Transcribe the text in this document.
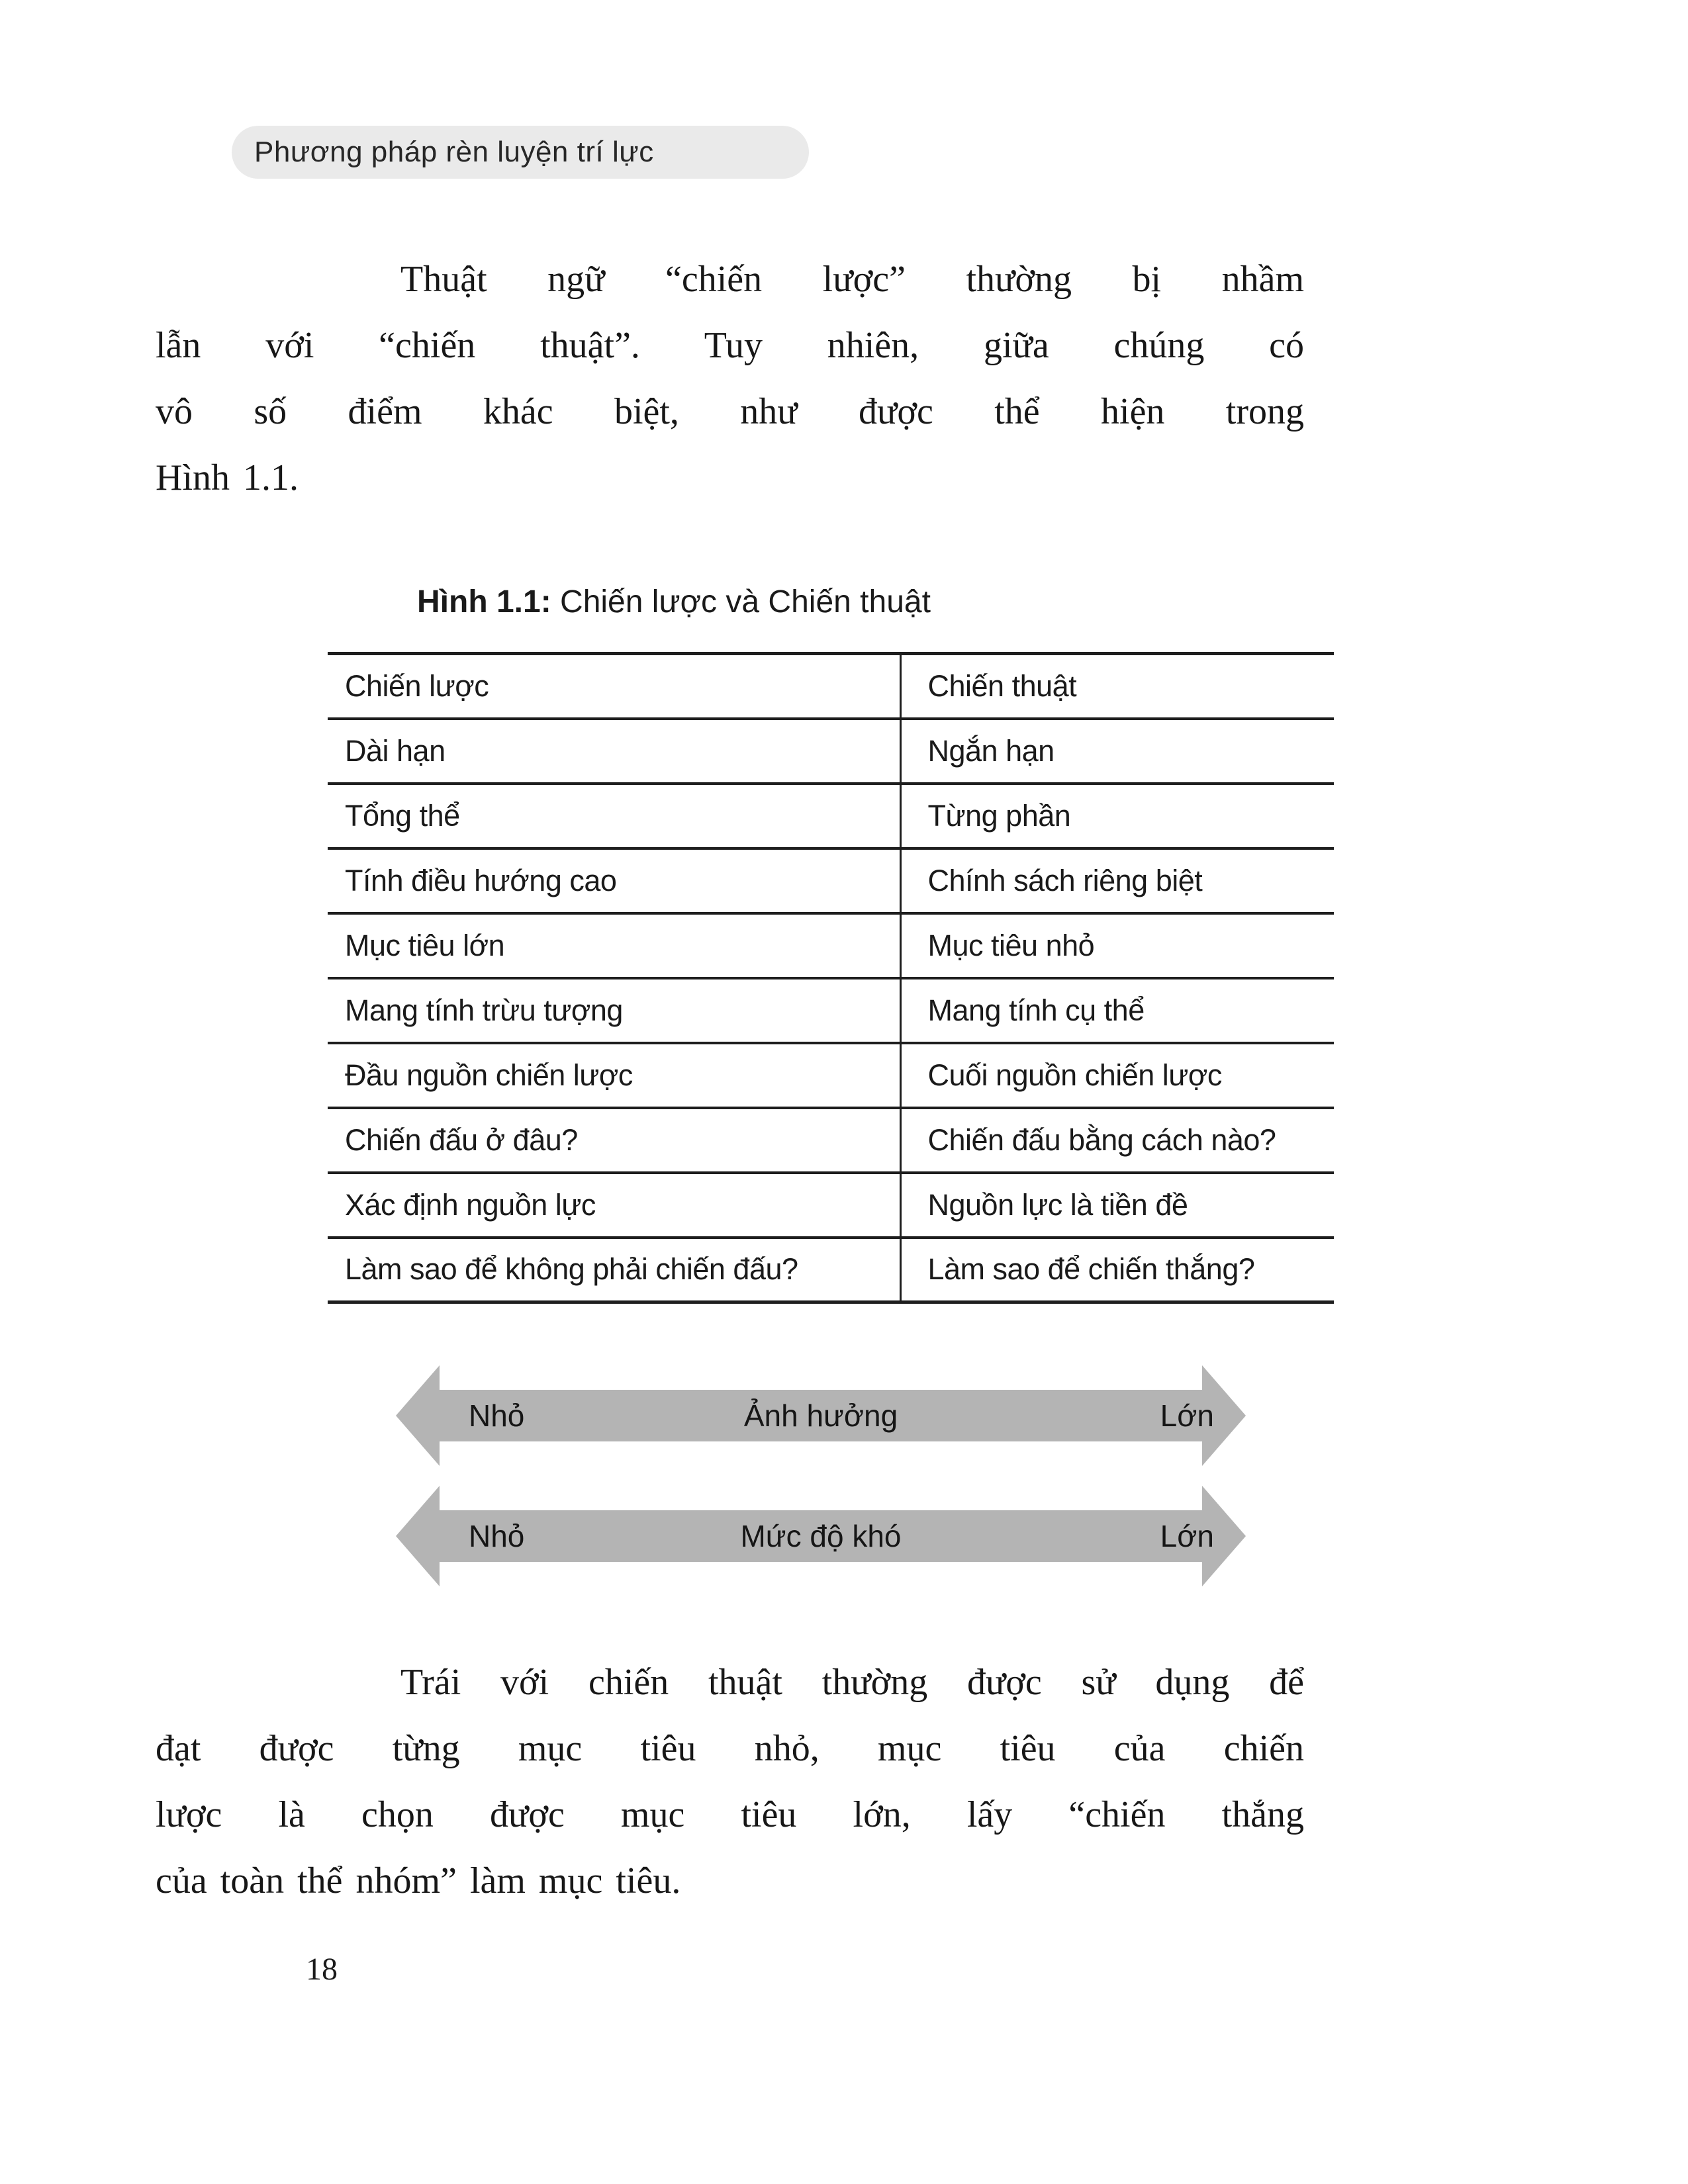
Phương pháp rèn luyện trí lực
Thuật ngữ “chiến lược” thường bị nhầm
lẫn với “chiến thuật”. Tuy nhiên, giữa chúng có
vô số điểm khác biệt, như được thể hiện trong
Hình 1.1.
Hình 1.1: Chiến lược và Chiến thuật
Chiến lược	Chiến thuật
Dài hạn	Ngắn hạn
Tổng thể	Từng phần
Tính điều hướng cao	Chính sách riêng biệt
Mục tiêu lớn	Mục tiêu nhỏ
Mang tính trừu tượng	Mang tính cụ thể
Đầu nguồn chiến lược	Cuối nguồn chiến lược
Chiến đấu ở đâu?	Chiến đấu bằng cách nào?
Xác định nguồn lực	Nguồn lực là tiền đề
Làm sao để không phải chiến đấu?	Làm sao để chiến thắng?
Nhỏ	Ảnh hưởng	Lớn
Nhỏ	Mức độ khó	Lớn
Trái với chiến thuật thường được sử dụng để
đạt được từng mục tiêu nhỏ, mục tiêu của chiến
lược là chọn được mục tiêu lớn, lấy “chiến thắng
của toàn thể nhóm” làm mục tiêu.
18
